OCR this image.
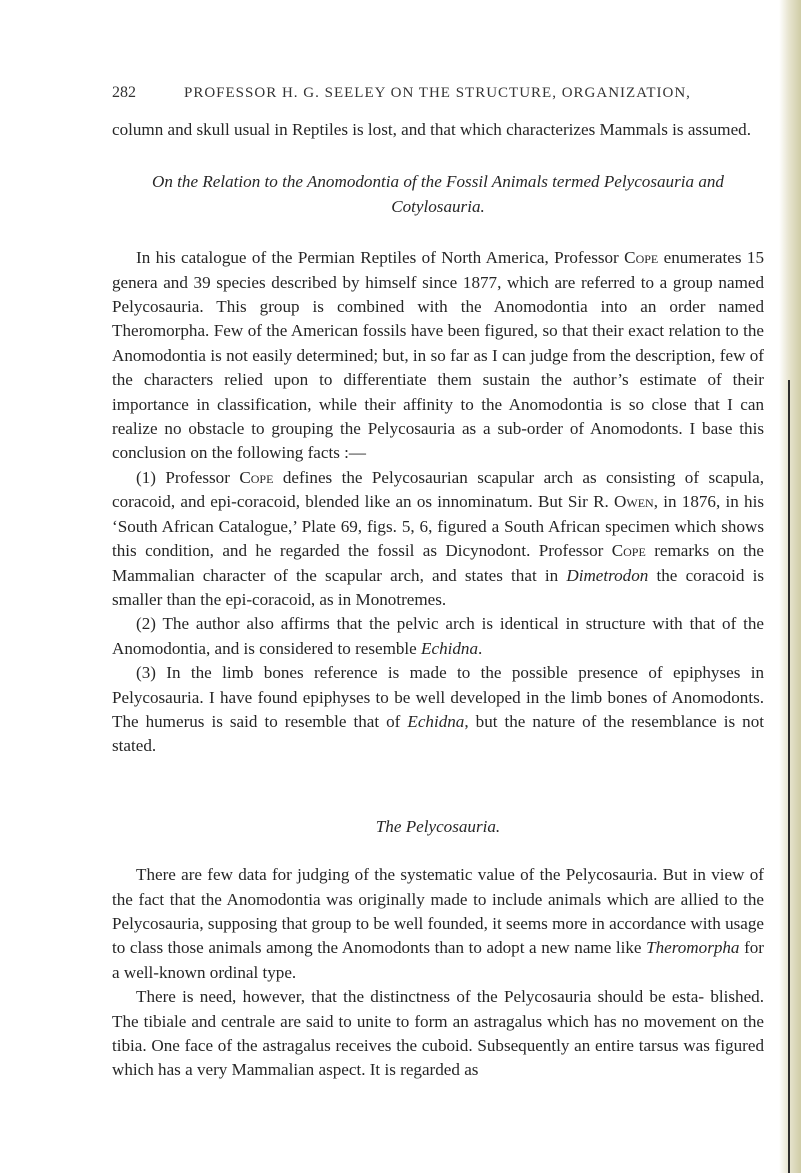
282	PROFESSOR H. G. SEELEY ON THE STRUCTURE, ORGANIZATION,

column and skull usual in Reptiles is lost, and that which characterizes Mammals is assumed.

On the Relation to the Anomodontia of the Fossil Animals termed Pelycosauria and Cotylosauria.

In his catalogue of the Permian Reptiles of North America, Professor Cope enumerates 15 genera and 39 species described by himself since 1877, which are referred to a group named Pelycosauria. This group is combined with the Anomodontia into an order named Theromorpha. Few of the American fossils have been figured, so that their exact relation to the Anomodontia is not easily determined; but, in so far as I can judge from the description, few of the characters relied upon to differentiate them sustain the author’s estimate of their importance in classification, while their affinity to the Anomodontia is so close that I can realize no obstacle to grouping the Pelycosauria as a sub-order of Anomodonts. I base this conclusion on the following facts :—

(1) Professor Cope defines the Pelycosaurian scapular arch as consisting of scapula, coracoid, and epi-coracoid, blended like an os innominatum. But Sir R. Owen, in 1876, in his ‘South African Catalogue,’ Plate 69, figs. 5, 6, figured a South African specimen which shows this condition, and he regarded the fossil as Dicynodont. Professor Cope remarks on the Mammalian character of the scapular arch, and states that in Dimetrodon the coracoid is smaller than the epi-coracoid, as in Monotremes.

(2) The author also affirms that the pelvic arch is identical in structure with that of the Anomodontia, and is considered to resemble Echidna.

(3) In the limb bones reference is made to the possible presence of epiphyses in Pelycosauria. I have found epiphyses to be well developed in the limb bones of Anomodonts. The humerus is said to resemble that of Echidna, but the nature of the resemblance is not stated.

The Pelycosauria.

There are few data for judging of the systematic value of the Pelycosauria. But in view of the fact that the Anomodontia was originally made to include animals which are allied to the Pelycosauria, supposing that group to be well founded, it seems more in accordance with usage to class those animals among the Anomodonts than to adopt a new name like Theromorpha for a well-known ordinal type.

There is need, however, that the distinctness of the Pelycosauria should be esta- blished. The tibiale and centrale are said to unite to form an astragalus which has no movement on the tibia. One face of the astragalus receives the cuboid. Subsequently an entire tarsus was figured which has a very Mammalian aspect. It is regarded as
